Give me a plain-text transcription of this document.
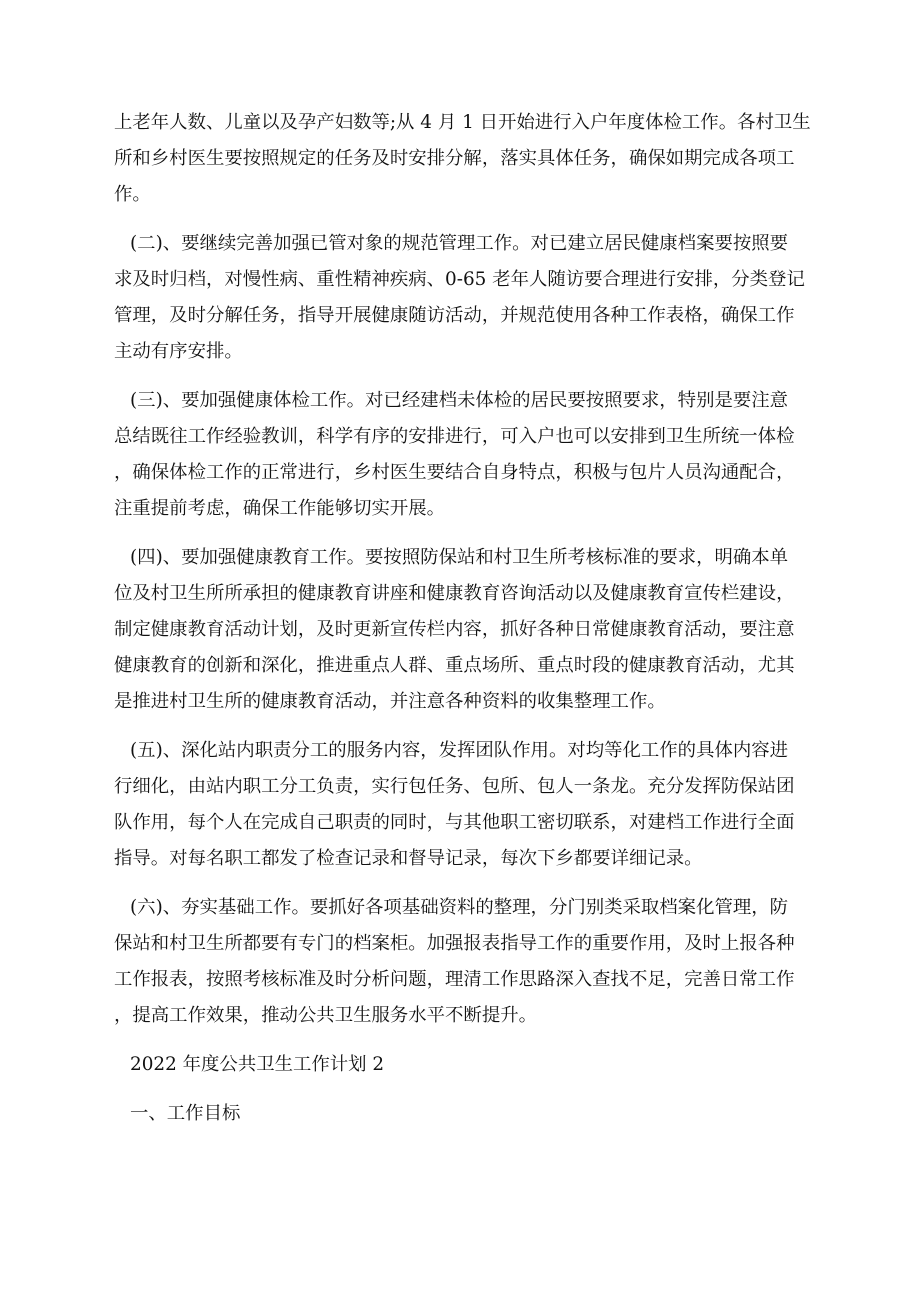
上老年人数、儿童以及孕产妇数等;从 4 月 1 日开始进行入户年度体检工作。各村卫生
所和乡村医生要按照规定的任务及时安排分解，落实具体任务，确保如期完成各项工
作。
(二)、要继续完善加强已管对象的规范管理工作。对已建立居民健康档案要按照要
求及时归档，对慢性病、重性精神疾病、0-65 老年人随访要合理进行安排，分类登记
管理，及时分解任务，指导开展健康随访活动，并规范使用各种工作表格，确保工作
主动有序安排。
(三)、要加强健康体检工作。对已经建档未体检的居民要按照要求，特别是要注意
总结既往工作经验教训，科学有序的安排进行，可入户也可以安排到卫生所统一体检
，确保体检工作的正常进行，乡村医生要结合自身特点，积极与包片人员沟通配合，
注重提前考虑，确保工作能够切实开展。
(四)、要加强健康教育工作。要按照防保站和村卫生所考核标准的要求，明确本单
位及村卫生所所承担的健康教育讲座和健康教育咨询活动以及健康教育宣传栏建设，
制定健康教育活动计划，及时更新宣传栏内容，抓好各种日常健康教育活动，要注意
健康教育的创新和深化，推进重点人群、重点场所、重点时段的健康教育活动，尤其
是推进村卫生所的健康教育活动，并注意各种资料的收集整理工作。
(五)、深化站内职责分工的服务内容，发挥团队作用。对均等化工作的具体内容进
行细化，由站内职工分工负责，实行包任务、包所、包人一条龙。充分发挥防保站团
队作用，每个人在完成自己职责的同时，与其他职工密切联系，对建档工作进行全面
指导。对每名职工都发了检查记录和督导记录，每次下乡都要详细记录。
(六)、夯实基础工作。要抓好各项基础资料的整理，分门别类采取档案化管理，防
保站和村卫生所都要有专门的档案柜。加强报表指导工作的重要作用，及时上报各种
工作报表，按照考核标准及时分析问题，理清工作思路深入查找不足，完善日常工作
，提高工作效果，推动公共卫生服务水平不断提升。
2022 年度公共卫生工作计划 2
一、工作目标
